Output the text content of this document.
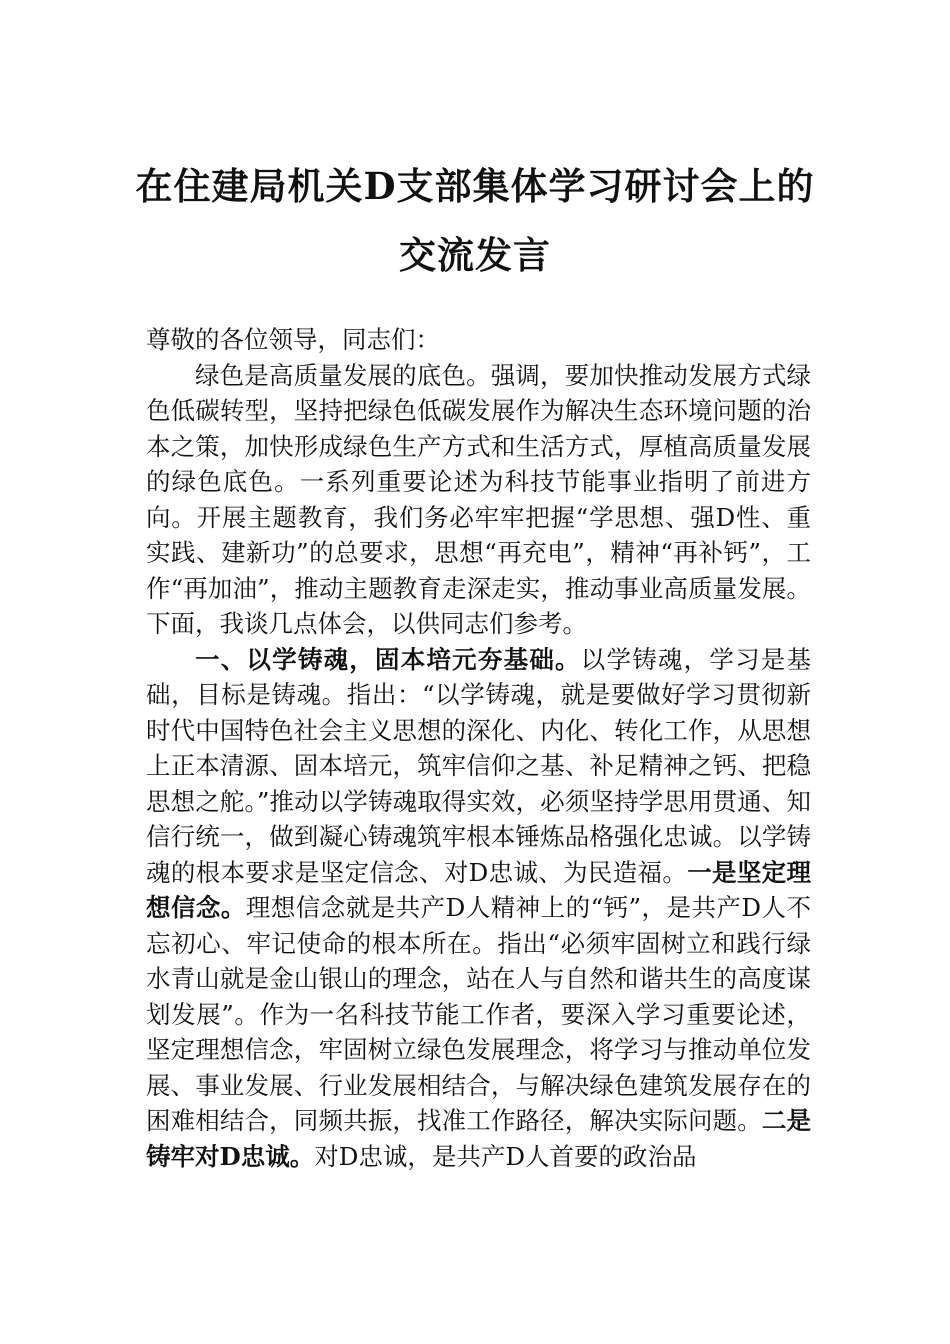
在住建局机关D支部集体学习研讨会上的
交流发言

尊敬的各位领导，同志们：

绿色是高质量发展的底色。强调，要加快推动发展方式绿色低碳转型，坚持把绿色低碳发展作为解决生态环境问题的治本之策，加快形成绿色生产方式和生活方式，厚植高质量发展的绿色底色。一系列重要论述为科技节能事业指明了前进方向。开展主题教育，我们务必牢牢把握“学思想、强D性、重实践、建新功”的总要求，思想“再充电”，精神“再补钙”，工作“再加油”，推动主题教育走深走实，推动事业高质量发展。下面，我谈几点体会，以供同志们参考。

一、以学铸魂，固本培元夯基础。以学铸魂，学习是基础，目标是铸魂。指出：“以学铸魂，就是要做好学习贯彻新时代中国特色社会主义思想的深化、内化、转化工作，从思想上正本清源、固本培元，筑牢信仰之基、补足精神之钙、把稳思想之舵。”推动以学铸魂取得实效，必须坚持学思用贯通、知信行统一，做到凝心铸魂筑牢根本锤炼品格强化忠诚。以学铸魂的根本要求是坚定信念、对D忠诚、为民造福。一是坚定理想信念。理想信念就是共产D人精神上的“钙”，是共产D人不忘初心、牢记使命的根本所在。指出“必须牢固树立和践行绿水青山就是金山银山的理念，站在人与自然和谐共生的高度谋划发展”。作为一名科技节能工作者，要深入学习重要论述，坚定理想信念，牢固树立绿色发展理念，将学习与推动单位发展、事业发展、行业发展相结合，与解决绿色建筑发展存在的困难相结合，同频共振，找准工作路径，解决实际问题。二是铸牢对D忠诚。对D忠诚，是共产D人首要的政治品
